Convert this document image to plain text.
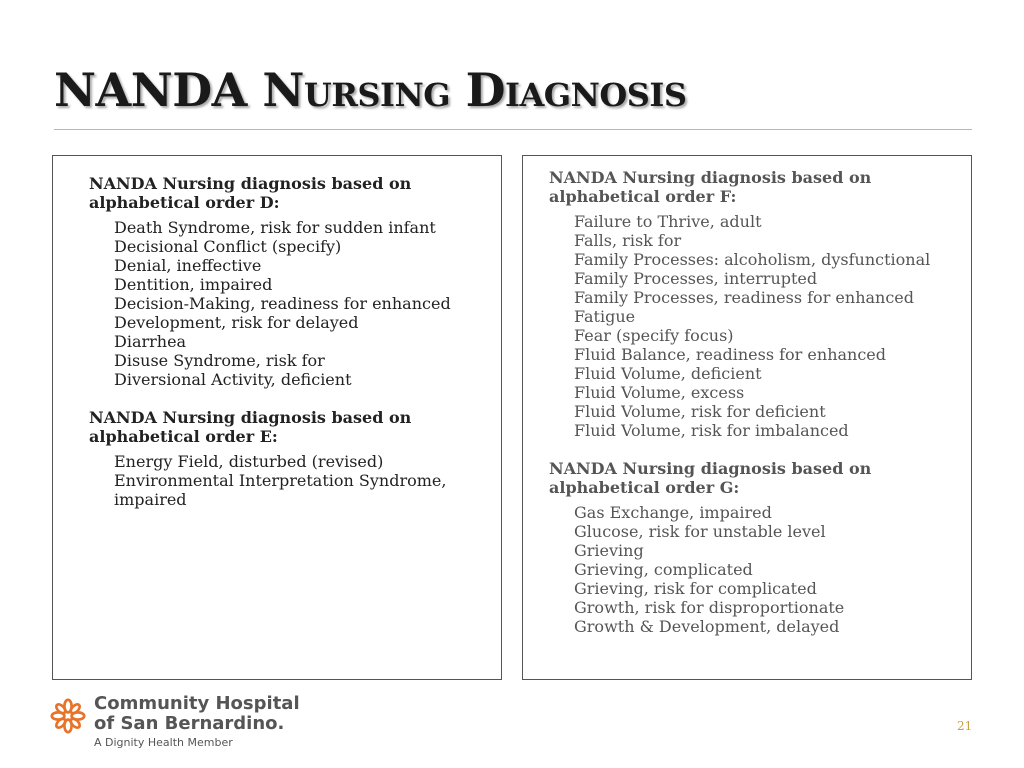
NANDA Nursing Diagnosis

NANDA Nursing diagnosis based on alphabetical order D:

Death Syndrome, risk for sudden infant
Decisional Conflict (specify)
Denial, ineffective
Dentition, impaired
Decision-Making, readiness for enhanced
Development, risk for delayed
Diarrhea
Disuse Syndrome, risk for
Diversional Activity, deficient

NANDA Nursing diagnosis based on alphabetical order E:

Energy Field, disturbed (revised)
Environmental Interpretation Syndrome, impaired

NANDA Nursing diagnosis based on alphabetical order F:

Failure to Thrive, adult
Falls, risk for
Family Processes: alcoholism, dysfunctional
Family Processes, interrupted
Family Processes, readiness for enhanced
Fatigue
Fear (specify focus)
Fluid Balance, readiness for enhanced
Fluid Volume, deficient
Fluid Volume, excess
Fluid Volume, risk for deficient
Fluid Volume, risk for imbalanced

NANDA Nursing diagnosis based on alphabetical order G:

Gas Exchange, impaired
Glucose, risk for unstable level
Grieving
Grieving, complicated
Grieving, risk for complicated
Growth, risk for disproportionate
Growth & Development, delayed
Community Hospital
of San Bernardino.
A Dignity Health Member
21
